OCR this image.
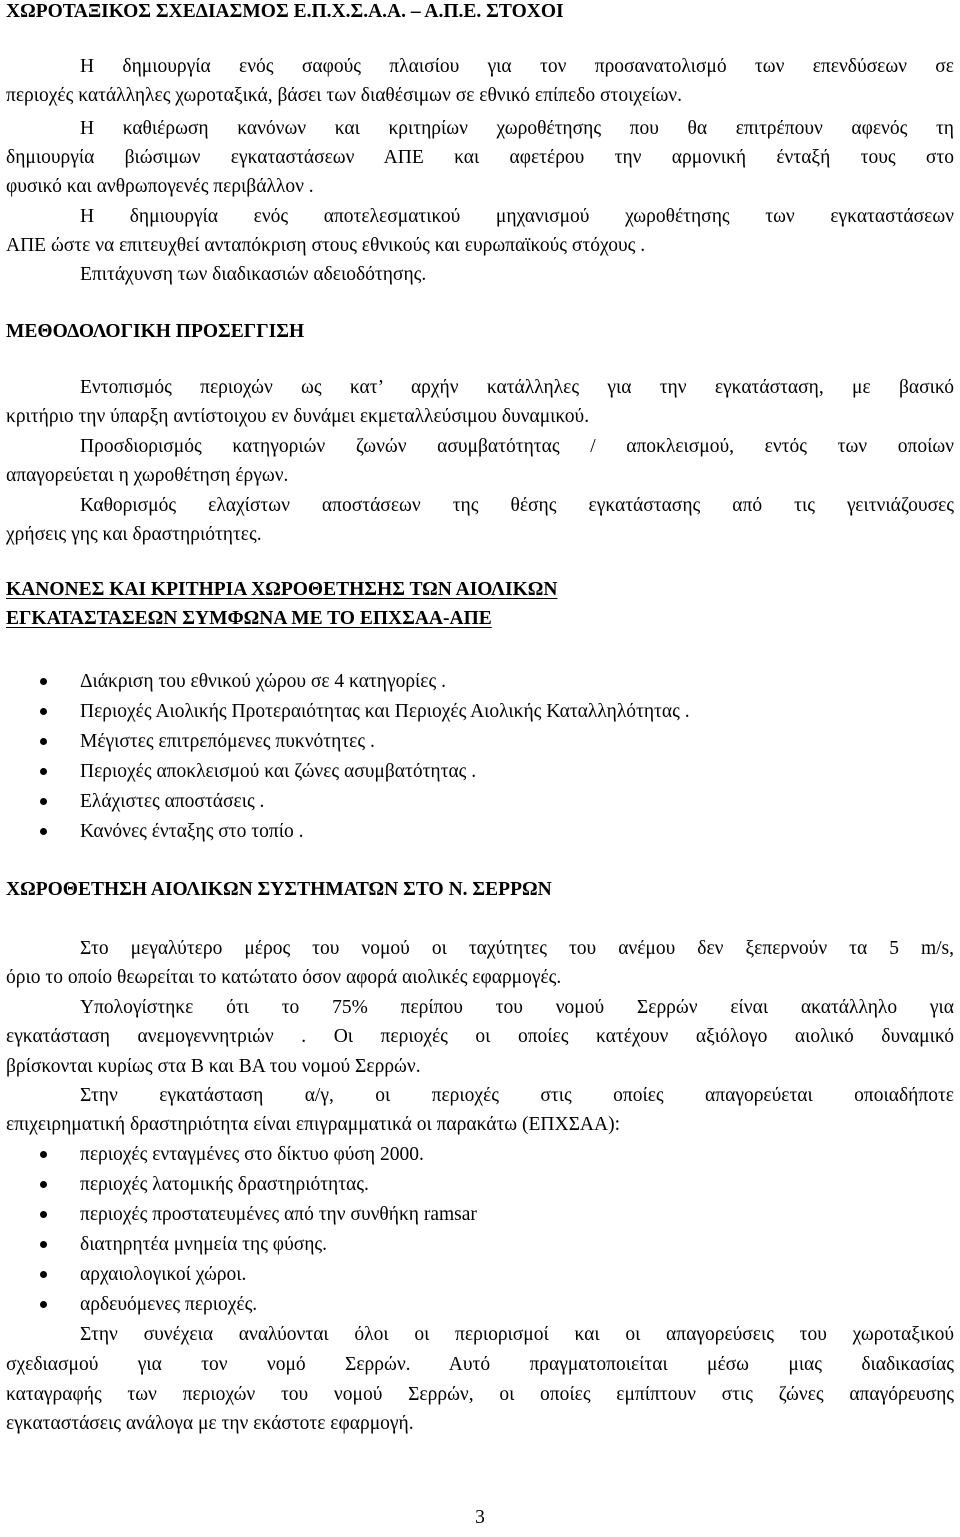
ΧΩΡΟΤΑΞΙΚΟΣ ΣΧΕΔΙΑΣΜΟΣ Ε.Π.Χ.Σ.Α.Α. – Α.Π.Ε. ΣΤΟΧΟΙ
Η δημιουργία ενός σαφούς πλαισίου για τον προσανατολισμό των επενδύσεων σε
περιοχές κατάλληλες χωροταξικά, βάσει των διαθέσιμων σε εθνικό επίπεδο στοιχείων.
Η καθιέρωση κανόνων και κριτηρίων χωροθέτησης που θα επιτρέπουν αφενός τη
δημιουργία βιώσιμων εγκαταστάσεων ΑΠΕ και αφετέρου την αρμονική ένταξή τους στο
φυσικό και ανθρωπογενές περιβάλλον .
Η δημιουργία ενός αποτελεσματικού μηχανισμού χωροθέτησης των εγκαταστάσεων
ΑΠΕ ώστε να επιτευχθεί ανταπόκριση στους εθνικούς και ευρωπαϊκούς στόχους .
Επιτάχυνση των διαδικασιών αδειοδότησης.
ΜΕΘΟΔΟΛΟΓΙΚΗ ΠΡΟΣΕΓΓΙΣΗ
Εντοπισμός περιοχών ως κατ’ αρχήν κατάλληλες για την εγκατάσταση, με βασικό
κριτήριο την ύπαρξη αντίστοιχου εν δυνάμει εκμεταλλεύσιμου δυναμικού.
Προσδιορισμός κατηγοριών ζωνών ασυμβατότητας / αποκλεισμού, εντός των οποίων
απαγορεύεται η χωροθέτηση έργων.
Καθορισμός ελαχίστων αποστάσεων της θέσης εγκατάστασης από τις γειτνιάζουσες
χρήσεις γης και δραστηριότητες.
ΚΑΝΟΝΕΣ ΚΑΙ ΚΡΙΤΗΡΙΑ ΧΩΡΟΘΕΤΗΣΗΣ ΤΩΝ ΑΙΟΛΙΚΩΝ
ΕΓΚΑΤΑΣΤΑΣΕΩΝ ΣΥΜΦΩΝΑ ΜΕ ΤΟ ΕΠΧΣΑΑ-ΑΠΕ
Διάκριση του εθνικού χώρου σε 4 κατηγορίες .
Περιοχές Αιολικής Προτεραιότητας και Περιοχές Αιολικής Καταλληλότητας .
Μέγιστες επιτρεπόμενες πυκνότητες .
Περιοχές αποκλεισμού και ζώνες ασυμβατότητας .
Ελάχιστες αποστάσεις .
Κανόνες ένταξης στο τοπίο .
ΧΩΡΟΘΕΤΗΣΗ ΑΙΟΛΙΚΩΝ ΣΥΣΤΗΜΑΤΩΝ ΣΤΟ Ν. ΣΕΡΡΩΝ
Στο μεγαλύτερο μέρος του νομού οι ταχύτητες του ανέμου δεν ξεπερνούν τα 5 m/s,
όριο το οποίο θεωρείται το κατώτατο όσον αφορά αιολικές εφαρμογές.
Υπολογίστηκε ότι το 75% περίπου του νομού Σερρών είναι ακατάλληλο για
εγκατάσταση ανεμογεννητριών . Οι περιοχές οι οποίες κατέχουν αξιόλογο αιολικό δυναμικό
βρίσκονται κυρίως στα Β και ΒΑ του νομού Σερρών.
Στην εγκατάσταση α/γ, οι περιοχές στις οποίες απαγορεύεται οποιαδήποτε
επιχειρηματική δραστηριότητα είναι επιγραμματικά οι παρακάτω (ΕΠΧΣΑΑ):
περιοχές ενταγμένες στο δίκτυο φύση 2000.
περιοχές λατομικής δραστηριότητας.
περιοχές προστατευμένες από την συνθήκη ramsar
διατηρητέα μνημεία της φύσης.
αρχαιολογικοί χώροι.
αρδευόμενες περιοχές.
Στην συνέχεια αναλύονται όλοι οι περιορισμοί και οι απαγορεύσεις του χωροταξικού
σχεδιασμού για τον νομό Σερρών. Αυτό πραγματοποιείται μέσω μιας διαδικασίας
καταγραφής των περιοχών του νομού Σερρών, οι οποίες εμπίπτουν στις ζώνες απαγόρευσης
εγκαταστάσεις ανάλογα με την εκάστοτε εφαρμογή.
3
